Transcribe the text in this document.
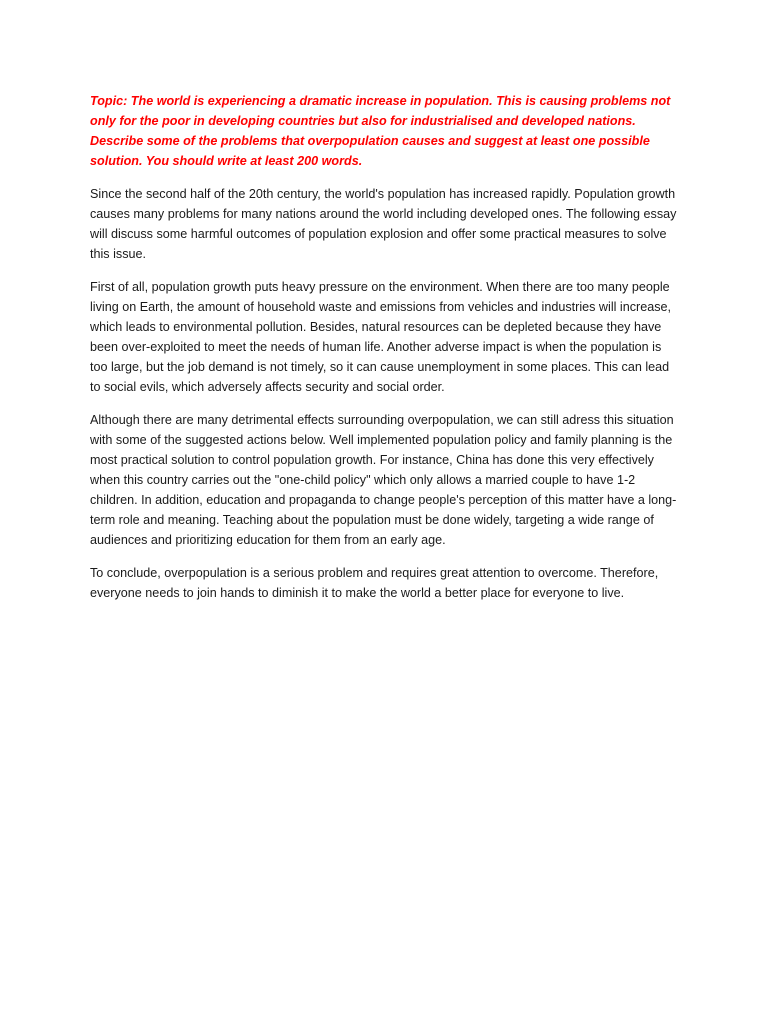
Topic: The world is experiencing a dramatic increase in population. This is causing problems not only for the poor in developing countries but also for industrialised and developed nations. Describe some of the problems that overpopulation causes and suggest at least one possible solution. You should write at least 200 words.

Since the second half of the 20th century, the world's population has increased rapidly. Population growth causes many problems for many nations around the world including developed ones. The following essay will discuss some harmful outcomes of population explosion and offer some practical measures to solve this issue.

First of all, population growth puts heavy pressure on the environment. When there are too many people living on Earth, the amount of household waste and emissions from vehicles and industries will increase, which leads to environmental pollution. Besides, natural resources can be depleted because they have been over-exploited to meet the needs of human life. Another adverse impact is when the population is too large, but the job demand is not timely, so it can cause unemployment in some places. This can lead to social evils, which adversely affects security and social order.

Although there are many detrimental effects surrounding overpopulation, we can still adress this situation with some of the suggested actions below. Well implemented population policy and family planning is the most practical solution to control population growth. For instance, China has done this very effectively when this country carries out the "one-child policy" which only allows a married couple to have 1-2 children. In addition, education and propaganda to change people's perception of this matter have a long-term role and meaning. Teaching about the population must be done widely, targeting a wide range of audiences and prioritizing education for them from an early age.

To conclude, overpopulation is a serious problem and requires great attention to overcome. Therefore, everyone needs to join hands to diminish it to make the world a better place for everyone to live.
